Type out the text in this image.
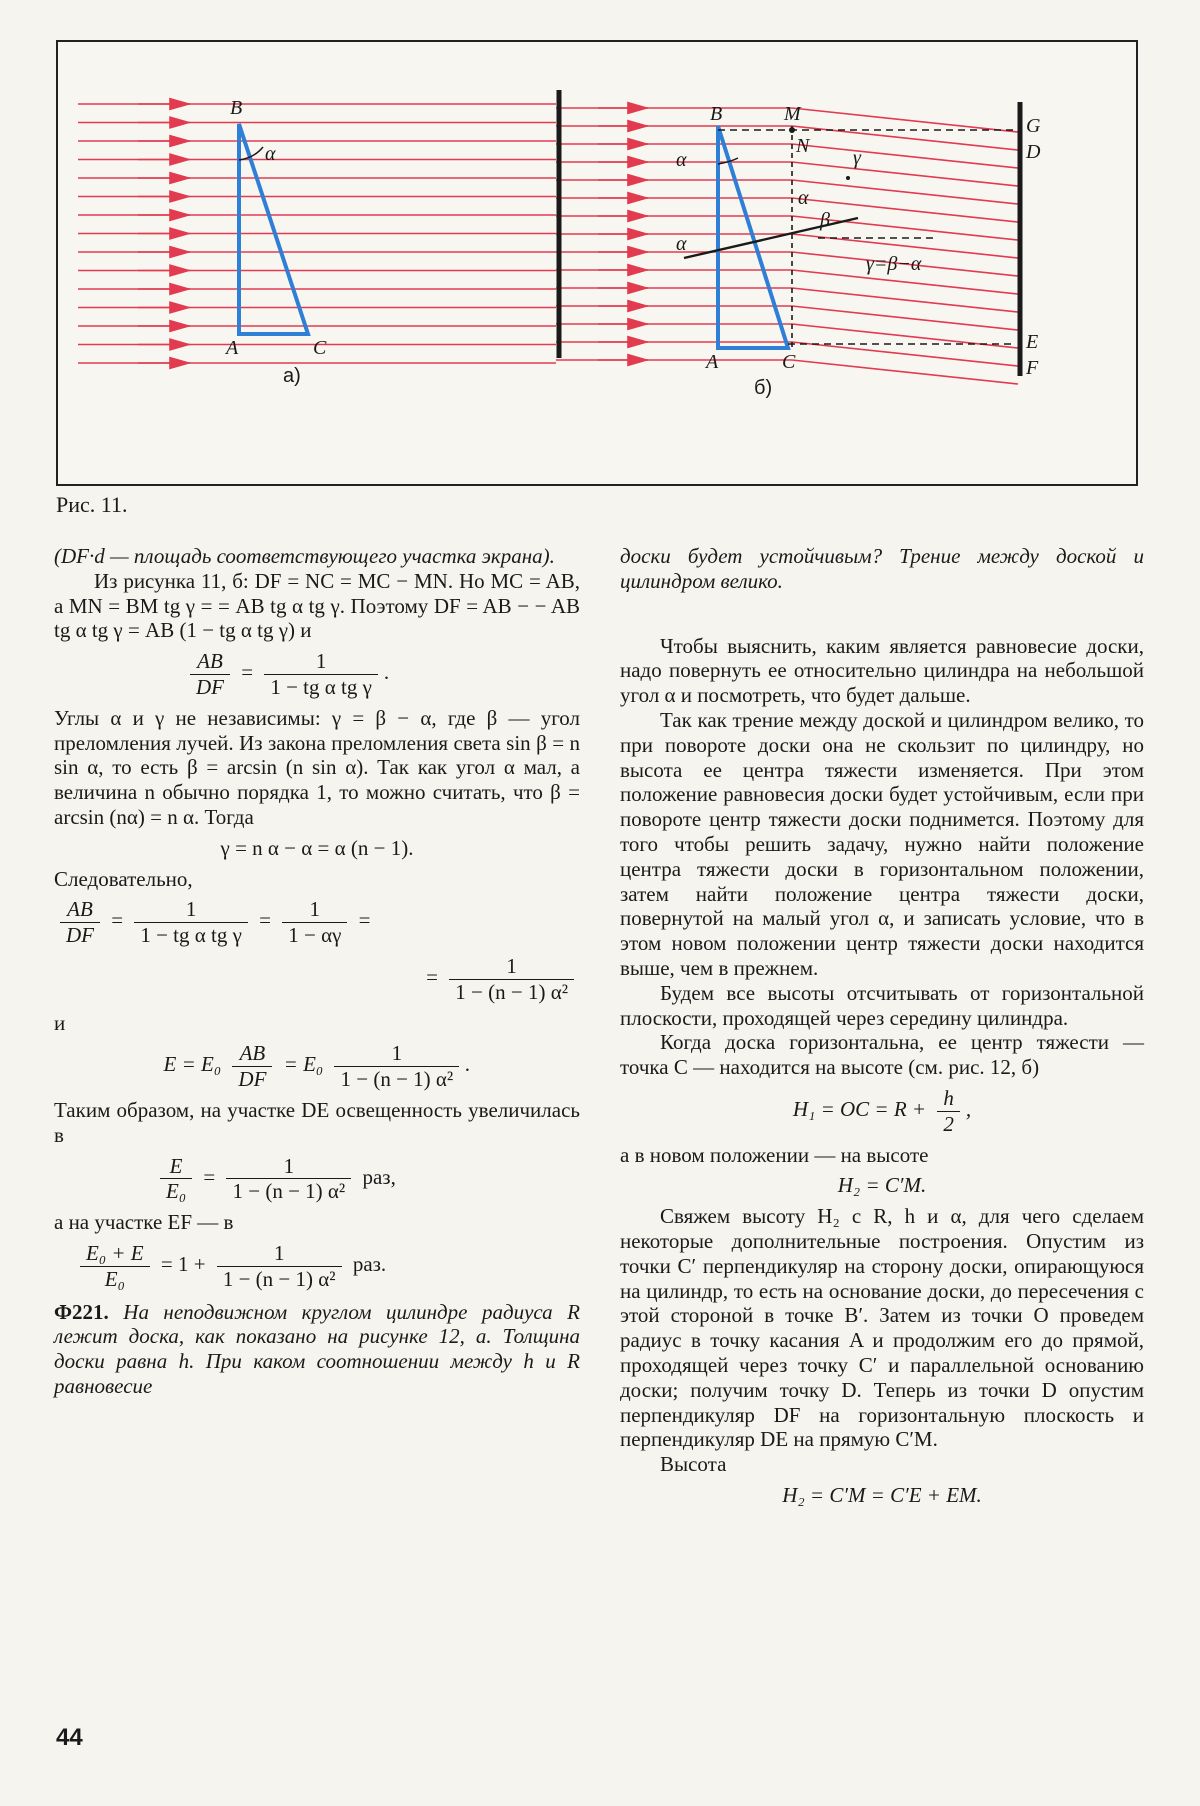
α
B
A	C
а)
α
α
α
β
γ
γ=β−α
B	M
N
G
D
A	C
E
F
б)
Рис. 11.

(DF·d — площадь соответствующего участка экрана).

Из рисунка 11, б: DF = NC = MC − MN. Но MC = AB, а MN = BM tg γ = = AB tg α tg γ. Поэтому DF = AB − − AB tg α tg γ = AB (1 − tg α tg γ) и

$\frac{AB}{DF} = \frac{1}{\text{1 − tg α tg γ}}$ .

Углы α и γ не независимы: γ = β − α, где β — угол преломления лучей. Из закона преломления света sin β = n sin α, то есть β = arcsin (n sin α). Так как угол α мал, а величина n обычно порядка 1, то можно считать, что β = arcsin (nα) = n α. Тогда

γ = n α − α = α (n − 1).

Следовательно,

$\frac{AB}{DF} = \frac{1}{\text{1 − tg α tg γ}} = \frac{1}{1 - \alpha\gamma}$ =
= $\frac{1}{\text{1 − (n − 1) α²}}$

и

$E = E_0 \frac{AB}{DF} = E_0 \frac{1}{\text{1 − (n − 1) α²}}$ .

Таким образом, на участке DE освещенность увеличилась в

$\frac{E}{\text{E₀}} = \frac{1}{\text{1 − (n − 1) α²}}$ раз,

а на участке EF — в

$\frac{\text{E₀ + E}}{\text{E₀}} = 1 + \frac{1}{\text{1 − (n − 1) α²}}$ раз.

Ф221. На неподвижном круглом цилиндре радиуса R лежит доска, как показано на рисунке 12, а. Толщина доски равна h. При каком соотношении между h и R равновесие

доски будет устойчивым? Трение между доской и цилиндром велико.

Чтобы выяснить, каким является равновесие доски, надо повернуть ее относительно цилиндра на небольшой угол α и посмотреть, что будет дальше.

Так как трение между доской и цилиндром велико, то при повороте доски она не скользит по цилиндру, но высота ее центра тяжести изменяется. При этом положение равновесия доски будет устойчивым, если при повороте центр тяжести доски поднимется. Поэтому для того чтобы решить задачу, нужно найти положение центра тяжести доски в горизонтальном положении, затем найти положение центра тяжести доски, повернутой на малый угол α, и записать условие, что в этом новом положении центр тяжести доски находится выше, чем в прежнем.

Будем все высоты отсчитывать от горизонтальной плоскости, проходящей через середину цилиндра.

Когда доска горизонтальна, ее центр тяжести — точка C — находится на высоте (см. рис. 12, б)

H₁ = OC = $R + \frac{h}{2}$ ,

а в новом положении — на высоте

H₂ = C′M.

Свяжем высоту H₂ с R, h и α, для чего сделаем некоторые дополнительные построения. Опустим из точки C′ перпендикуляр на сторону доски, опирающуюся на цилиндр, то есть на основание доски, до пересечения с этой стороной в точке B′. Затем из точки O проведем радиус в точку касания A и продолжим его до прямой, проходящей через точку C′ и параллельной основанию доски; получим точку D. Теперь из точки D опустим перпендикуляр DF на горизонтальную плоскость и перпендикуляр DE на прямую C′M.

Высота

H₂ = C′M = C′E + EM.
44
